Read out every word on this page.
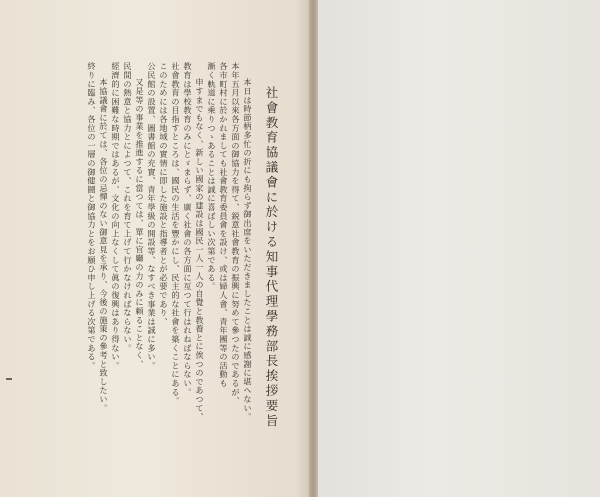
社會教育協議會に於ける知事代理學務部長挨拶要旨
本日は時節柄多忙の折にも拘らず御出席をいただきましたことは誠に感謝に堪へない。
本年五月以來各方面の御協力を得て、鋭意社會教育の振興に努めて參つたのであるが、
各市町村に於かれましても社會教育委員會を設け、或は婦人會、青年團等の活動も
漸く軌道に乘りつゝあることは誠に喜ばしい次第である。
申すまでもなく、新しい國家の建設は國民一人一人の自覺と教養とに俟つのであつて、
教育は學校教育のみにとゞまらず、廣く社會の各方面に亙つて行はれねばならない。
社會教育の目指すところは、國民の生活を豐かにし、民主的な社會を築くことにある。
このためには各地域の實情に即した施設と指導者とが必要であり、
公民館の設置、圖書館の充實、青年學級の開設等、なすべき事業は誠に多い。
又是等の事業を推進するに當つては、單に官廳の力のみに頼ることなく、
民間の熱意と協力とによつて、これを育て上げて行かなければならない。
經濟的に困難な時期ではあるが、文化の向上なくして眞の復興はあり得ない。
本協議會に於ては、各位の忌憚のない御意見を承り、今後の施策の參考と致したい。
終りに臨み、各位の一層の御健鬪と御協力とをお願ひ申し上げる次第である。
